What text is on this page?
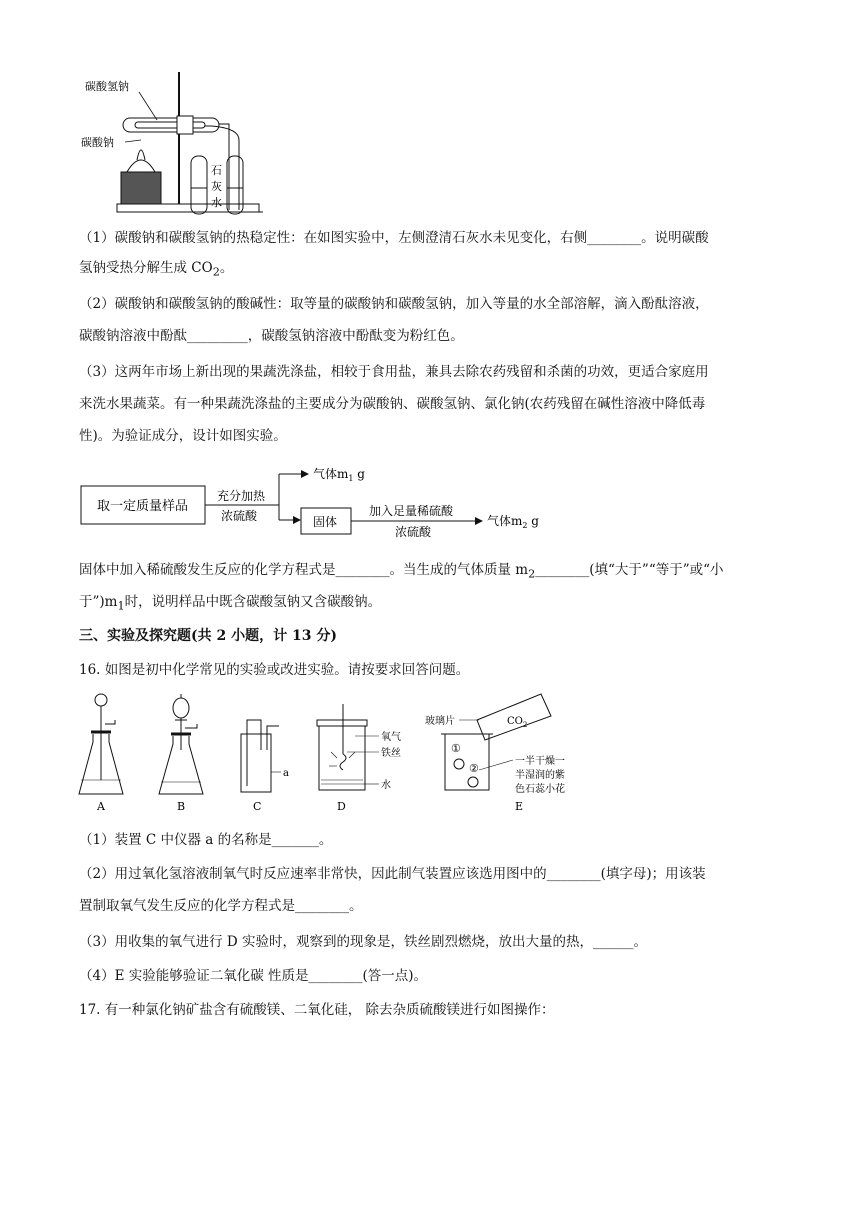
碳酸氢钠
碳酸钠
石
灰
水
（1）碳酸钠和碳酸氢钠的热稳定性：在如图实验中，左侧澄清石灰水未见变化，右侧________。说明碳酸
氢钠受热分解生成 $CO_2$。
（2）碳酸钠和碳酸氢钠的酸碱性：取等量的碳酸钠和碳酸氢钠，加入等量的水全部溶解，滴入酚酞溶液，
碳酸钠溶液中酚酞_________，碳酸氢钠溶液中酚酞变为粉红色。
（3）这两年市场上新出现的果蔬洗涤盐，相较于食用盐，兼具去除农药残留和杀菌的功效，更适合家庭用
来洗水果蔬菜。有一种果蔬洗涤盐的主要成分为碳酸钠、碳酸氢钠、氯化钠(农药残留在碱性溶液中降低毒
性)。为验证成分，设计如图实验。
取一定质量样品
充分加热
浓硫酸
气体$m_1$ g
固体
加入足量稀硫酸
浓硫酸
气体$m_2$ g
固体中加入稀硫酸发生反应的化学方程式是________。当生成的气体质量 $m_2\_\_\_\_\_\_\_\_$(填“大于”“等于”或“小
于$”)m_1$时，说明样品中既含碳酸氢钠又含碳酸钠。
三、实验及探究题(共 2 小题，计 13 分)
16. 如图是初中化学常见的实验或改进实验。请按要求回答问题。
A	B
a
C
氧气
铁丝
水
D
玻璃片	$CO_2$
①
②
一半干燥一
半湿润的紫
色石蕊小花
E
（1）装置 C 中仪器 a 的名称是_______。
（2）用过氧化氢溶液制氧气时反应速率非常快，因此制气装置应该选用图中的________(填字母)；用该装
置制取氧气发生反应的化学方程式是________。
（3）用收集的氧气进行 D 实验时，观察到的现象是，铁丝剧烈燃烧，放出大量的热，______。
（4）E 实验能够验证二氧化碳 性质是________(答一点)。
17. 有一种氯化钠矿盐含有硫酸镁、二氧化硅， 除去杂质硫酸镁进行如图操作：
